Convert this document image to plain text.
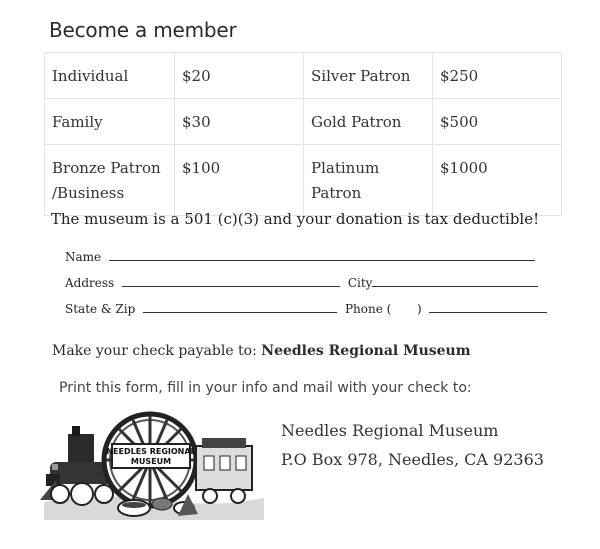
Become a member
Individual	$20	Silver Patron	$250
Family	$30	Gold Patron	$500
Bronze Patron /Business	$100	Platinum Patron	$1000
The museum is a 501 (c)(3) and your donation is tax deductible!
Name
Address	City
State & Zip	Phone ( )
Make your check payable to: Needles Regional Museum
Print this form, fill in your info and mail with your check to:
NEEDLES REGIONAL
MUSEUM
Needles Regional Museum
P.O Box 978, Needles, CA 92363
